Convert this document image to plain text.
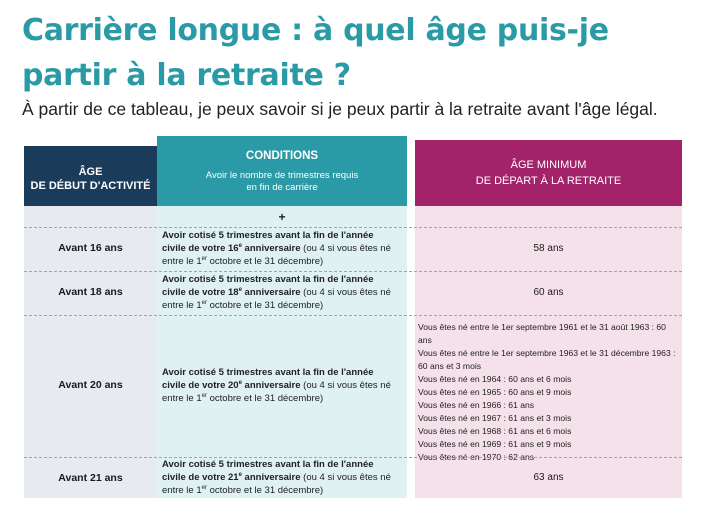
Carrière longue : à quel âge puis-je partir à la retraite ?
À partir de ce tableau, je peux savoir si je peux partir à la retraite avant l'âge légal.
ÂGE
DE DÉBUT D'ACTIVITÉ
CONDITIONS
Avoir le nombre de trimestres requis
en fin de carrière
ÂGE MINIMUM
DE DÉPART À LA RETRAITE
+
Avant 16 ans
Avoir cotisé 5 trimestres avant la fin de l'année
civile de votre 16e anniversaire (ou 4 si vous êtes né
entre le 1er octobre et le 31 décembre)
58 ans
Avant 18 ans
Avoir cotisé 5 trimestres avant la fin de l'année
civile de votre 18e anniversaire (ou 4 si vous êtes né
entre le 1er octobre et le 31 décembre)
60 ans
Avant 20 ans
Avoir cotisé 5 trimestres avant la fin de l'année
civile de votre 20e anniversaire (ou 4 si vous êtes né
entre le 1er octobre et le 31 décembre)
Vous êtes né entre le 1er septembre 1961 et le 31 août 1963 : 60 ans
Vous êtes né entre le 1er septembre 1963 et le 31 décembre 1963 :
60 ans et 3 mois
Vous êtes né en 1964 : 60 ans et 6 mois
Vous êtes né en 1965 : 60 ans et 9 mois
Vous êtes né en 1966 : 61 ans
Vous êtes né en 1967 : 61 ans et 3 mois
Vous êtes né en 1968 : 61 ans et 6 mois
Vous êtes né en 1969 : 61 ans et 9 mois
Vous êtes né en 1970 : 62 ans
Avant 21 ans
Avoir cotisé 5 trimestres avant la fin de l'année
civile de votre 21e anniversaire (ou 4 si vous êtes né
entre le 1er octobre et le 31 décembre)
63 ans
